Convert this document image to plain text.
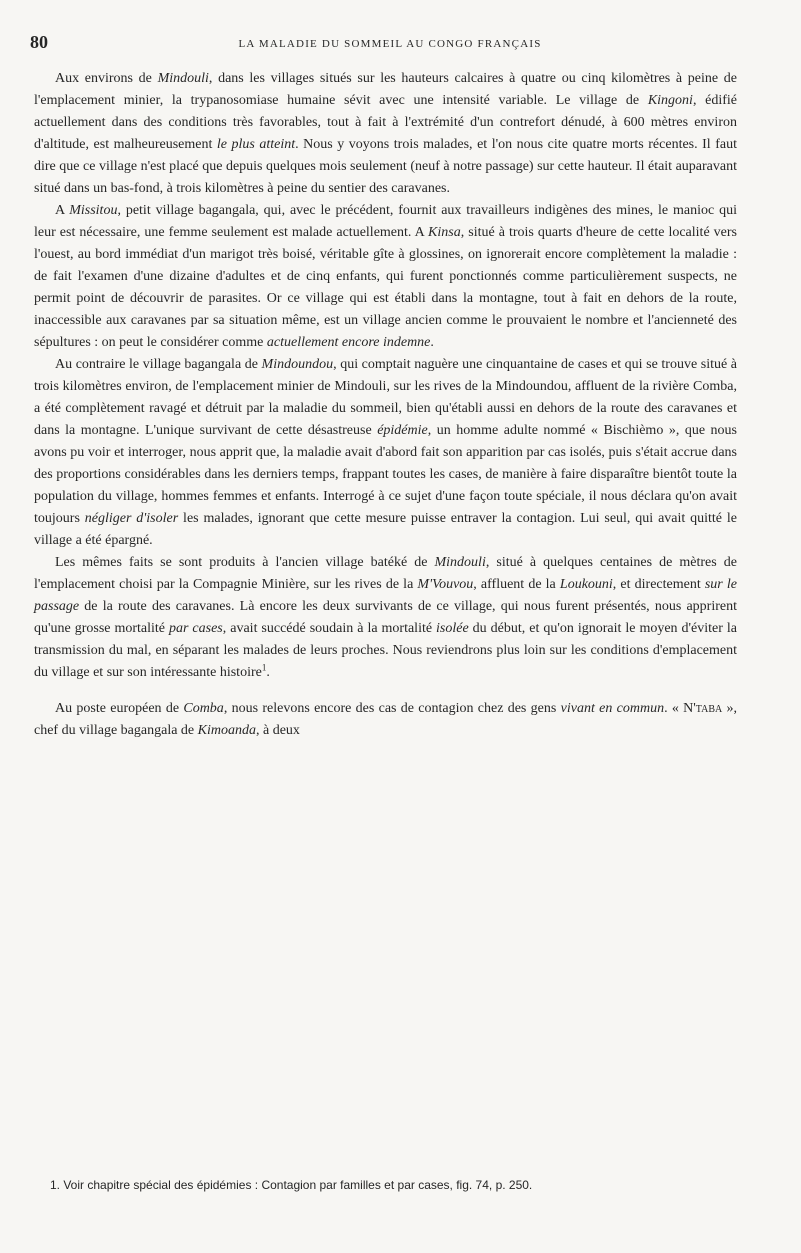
80	LA MALADIE DU SOMMEIL AU CONGO FRANÇAIS

Aux environs de Mindouli, dans les villages situés sur les hauteurs calcaires à quatre ou cinq kilomètres à peine de l'emplacement minier, la trypanosomiase humaine sévit avec une intensité variable. Le village de Kingoni, édifié actuellement dans des conditions très favorables, tout à fait à l'extrémité d'un contrefort dénudé, à 600 mètres environ d'altitude, est malheureusement le plus atteint. Nous y voyons trois malades, et l'on nous cite quatre morts récentes. Il faut dire que ce village n'est placé que depuis quelques mois seulement (neuf à notre passage) sur cette hauteur. Il était auparavant situé dans un bas-fond, à trois kilomètres à peine du sentier des caravanes.

A Missitou, petit village bagangala, qui, avec le précédent, fournit aux travailleurs indigènes des mines, le manioc qui leur est nécessaire, une femme seulement est malade actuellement. A Kinsa, situé à trois quarts d'heure de cette localité vers l'ouest, au bord immédiat d'un marigot très boisé, véritable gîte à glossines, on ignorerait encore complètement la maladie : de fait l'examen d'une dizaine d'adultes et de cinq enfants, qui furent ponctionnés comme particulièrement suspects, ne permit point de découvrir de parasites. Or ce village qui est établi dans la montagne, tout à fait en dehors de la route, inaccessible aux caravanes par sa situation même, est un village ancien comme le prouvaient le nombre et l'ancienneté des sépultures : on peut le considérer comme actuellement encore indemne.

Au contraire le village bagangala de Mindoundou, qui comptait naguère une cinquantaine de cases et qui se trouve situé à trois kilomètres environ, de l'emplacement minier de Mindouli, sur les rives de la Mindoundou, affluent de la rivière Comba, a été complètement ravagé et détruit par la maladie du sommeil, bien qu'établi aussi en dehors de la route des caravanes et dans la montagne. L'unique survivant de cette désastreuse épidémie, un homme adulte nommé « Bischièmo », que nous avons pu voir et interroger, nous apprit que, la maladie avait d'abord fait son apparition par cas isolés, puis s'était accrue dans des proportions considérables dans les derniers temps, frappant toutes les cases, de manière à faire disparaître bientôt toute la population du village, hommes femmes et enfants. Interrogé à ce sujet d'une façon toute spéciale, il nous déclara qu'on avait toujours négliger d'isoler les malades, ignorant que cette mesure puisse entraver la contagion. Lui seul, qui avait quitté le village a été épargné.

Les mêmes faits se sont produits à l'ancien village batéké de Mindouli, situé à quelques centaines de mètres de l'emplacement choisi par la Compagnie Minière, sur les rives de la M'Vouvou, affluent de la Loukouni, et directement sur le passage de la route des caravanes. Là encore les deux survivants de ce village, qui nous furent présentés, nous apprirent qu'une grosse mortalité par cases, avait succédé soudain à la mortalité isolée du début, et qu'on ignorait le moyen d'éviter la transmission du mal, en séparant les malades de leurs proches. Nous reviendrons plus loin sur les conditions d'emplacement du village et sur son intéressante histoire$^1$.

Au poste européen de Comba, nous relevons encore des cas de contagion chez des gens vivant en commun. « N'taba », chef du village bagangala de Kimoanda, à deux

1. Voir chapitre spécial des épidémies : Contagion par familles et par cases, fig. 74, p. 250.
